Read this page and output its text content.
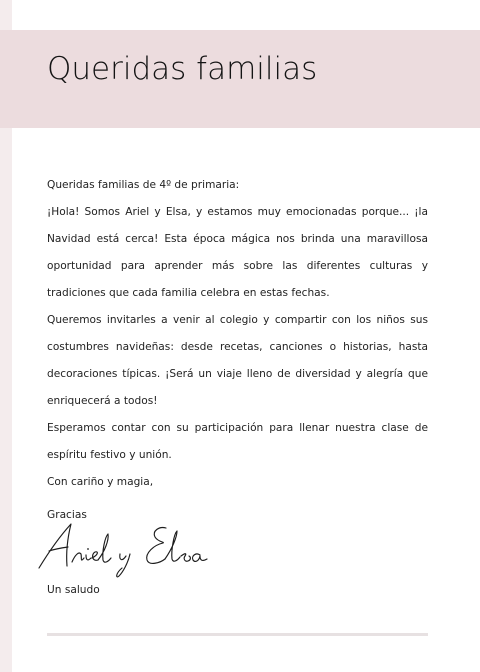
Queridas familias

Queridas familias de 4º de primaria:

¡Hola! Somos Ariel y Elsa, y estamos muy emocionadas porque... ¡la Navidad está cerca! Esta época mágica nos brinda una maravillosa oportunidad para aprender más sobre las diferentes culturas y tradiciones que cada familia celebra en estas fechas.

Queremos invitarles a venir al colegio y compartir con los niños sus costumbres navideñas: desde recetas, canciones o historias, hasta decoraciones típicas. ¡Será un viaje lleno de diversidad y alegría que enriquecerá a todos!

Esperamos contar con su participación para llenar nuestra clase de espíritu festivo y unión.

Con cariño y magia,

Gracias
Un saludo
